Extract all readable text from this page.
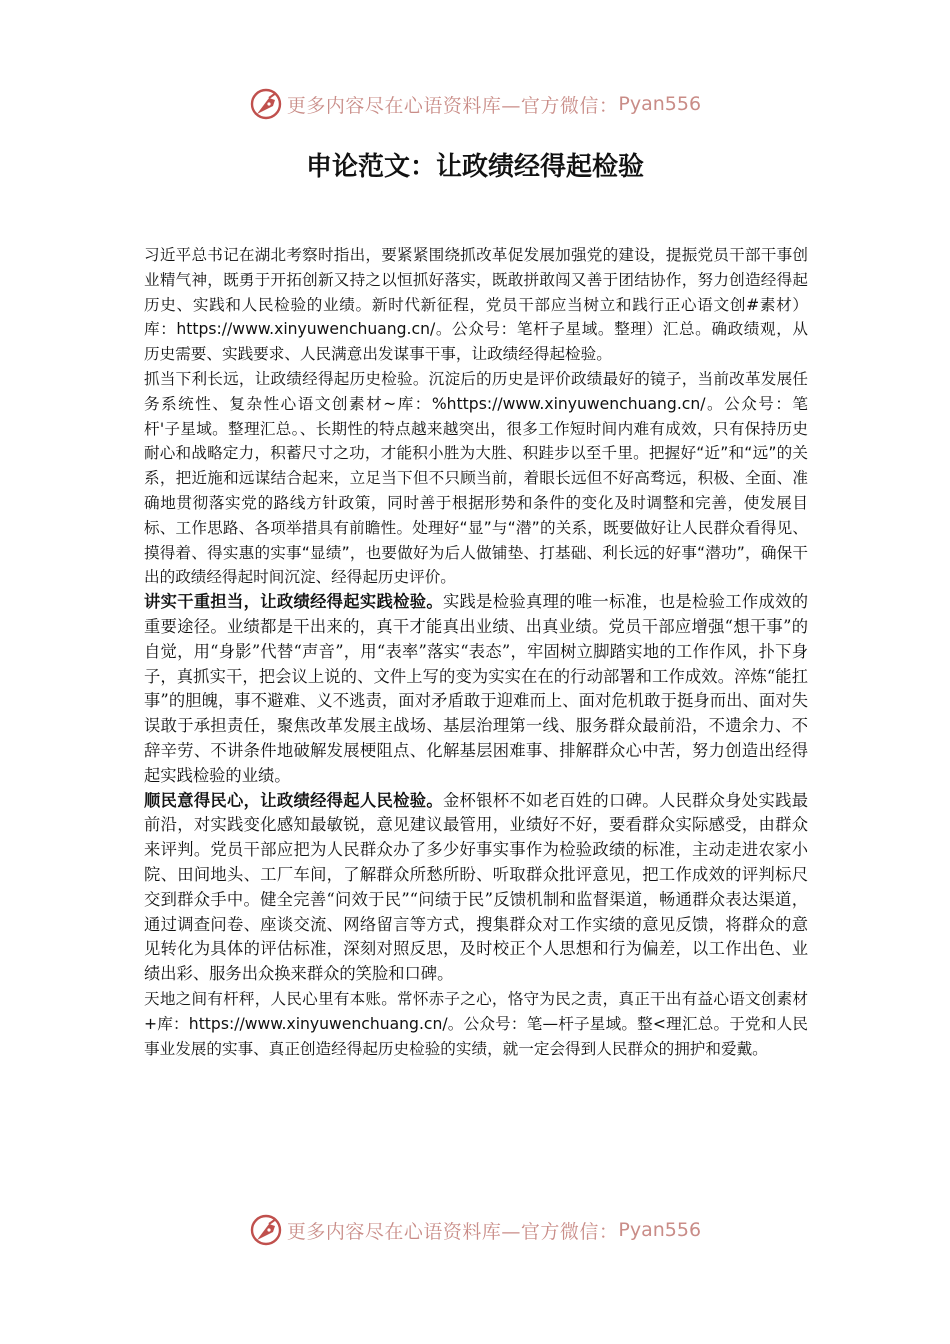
更多内容尽在心语资料库—官方微信： Pyan556
申论范文：让政绩经得起检验

习近平总书记在湖北考察时指出，要紧紧围绕抓改革促发展加强党的建设，提振党员干部干事创业精气神，既勇于开拓创新又持之以恒抓好落实，既敢拼敢闯又善于团结协作，努力创造经得起历史、实践和人民检验的业绩。新时代新征程，党员干部应当树立和践行正心语文创#素材）库：https://www.xinyuwenchuang.cn/。公众号：笔杆子星域。整理）汇总。确政绩观，从历史需要、实践要求、人民满意出发谋事干事，让政绩经得起检验。

抓当下利长远，让政绩经得起历史检验。沉淀后的历史是评价政绩最好的镜子，当前改革发展任务系统性、复杂性心语文创素材~库：%https://www.xinyuwenchuang.cn/。公众号：笔杆'子星域。整理汇总。、长期性的特点越来越突出，很多工作短时间内难有成效，只有保持历史耐心和战略定力，积蓄尺寸之功，才能积小胜为大胜、积跬步以至千里。把握好“近”和“远”的关系，把近施和远谋结合起来，立足当下但不只顾当前，着眼长远但不好高骛远，积极、全面、准确地贯彻落实党的路线方针政策，同时善于根据形势和条件的变化及时调整和完善，使发展目标、工作思路、各项举措具有前瞻性。处理好“显”与“潜”的关系，既要做好让人民群众看得见、摸得着、得实惠的实事“显绩”，也要做好为后人做铺垫、打基础、利长远的好事“潜功”，确保干出的政绩经得起时间沉淀、经得起历史评价。

讲实干重担当，让政绩经得起实践检验。实践是检验真理的唯一标准，也是检验工作成效的重要途径。业绩都是干出来的，真干才能真出业绩、出真业绩。党员干部应增强“想干事”的自觉，用“身影”代替“声音”，用“表率”落实“表态”，牢固树立脚踏实地的工作作风，扑下身子，真抓实干，把会议上说的、文件上写的变为实实在在的行动部署和工作成效。淬炼“能扛事”的胆魄，事不避难、义不逃责，面对矛盾敢于迎难而上、面对危机敢于挺身而出、面对失误敢于承担责任，聚焦改革发展主战场、基层治理第一线、服务群众最前沿，不遗余力、不辞辛劳、不讲条件地破解发展梗阻点、化解基层困难事、排解群众心中苦，努力创造出经得起实践检验的业绩。

顺民意得民心，让政绩经得起人民检验。金杯银杯不如老百姓的口碑。人民群众身处实践最前沿，对实践变化感知最敏锐，意见建议最管用，业绩好不好，要看群众实际感受，由群众来评判。党员干部应把为人民群众办了多少好事实事作为检验政绩的标准，主动走进农家小院、田间地头、工厂车间，了解群众所愁所盼、听取群众批评意见，把工作成效的评判标尺交到群众手中。健全完善“问效于民”“问绩于民”反馈机制和监督渠道，畅通群众表达渠道，通过调查问卷、座谈交流、网络留言等方式，搜集群众对工作实绩的意见反馈，将群众的意见转化为具体的评估标准，深刻对照反思，及时校正个人思想和行为偏差，以工作出色、业绩出彩、服务出众换来群众的笑脸和口碑。

天地之间有杆秤，人民心里有本账。常怀赤子之心，恪守为民之责，真正干出有益心语文创素材+库：https://www.xinyuwenchuang.cn/。公众号：笔—杆子星域。整<理汇总。于党和人民事业发展的实事、真正创造经得起历史检验的实绩，就一定会得到人民群众的拥护和爱戴。

更多内容尽在心语资料库—官方微信： Pyan556
